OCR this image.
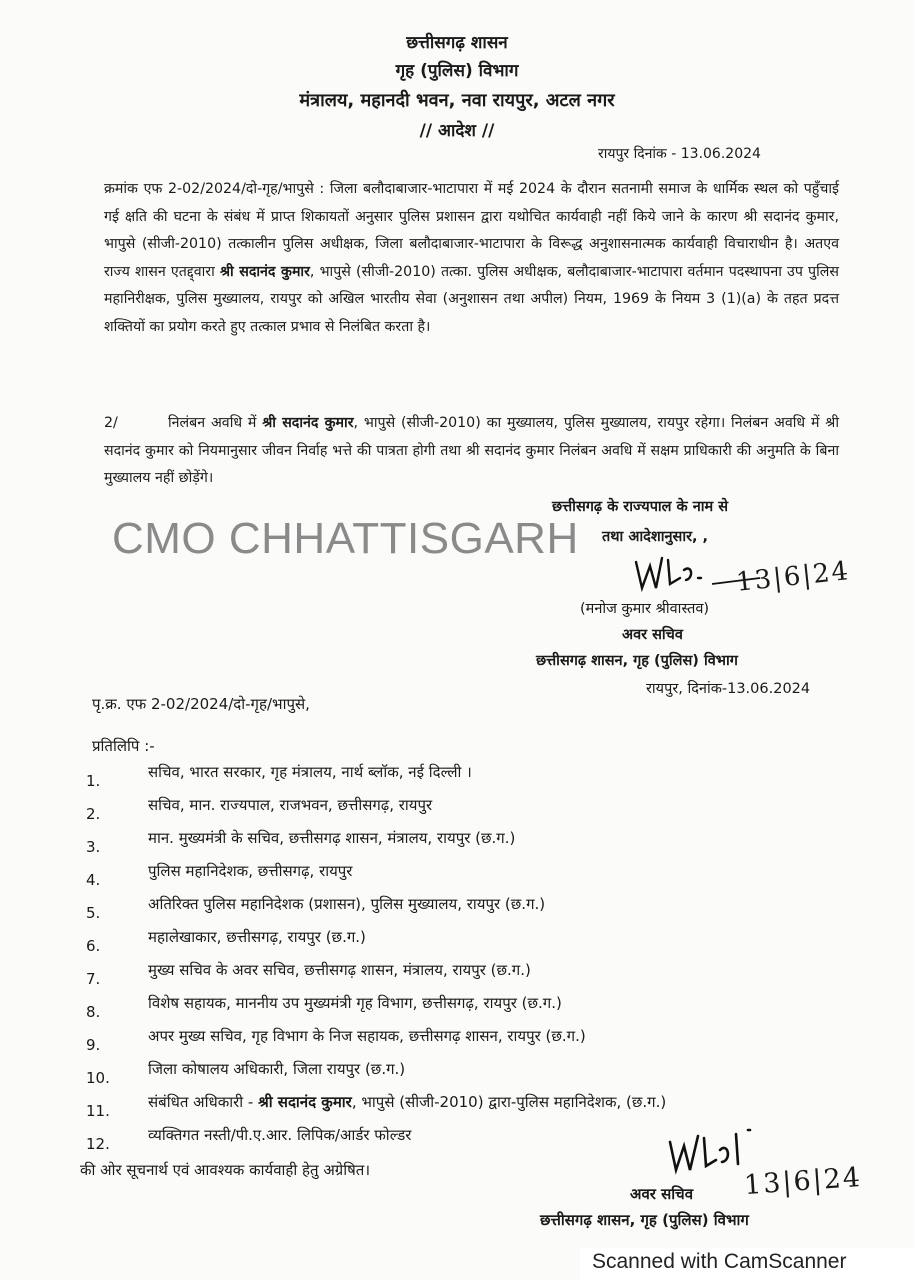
छत्तीसगढ़ शासन
गृह (पुलिस) विभाग
मंत्रालय, महानदी भवन, नवा रायपुर, अटल नगर
// आदेश //
रायपुर दिनांक - 13.06.2024
क्रमांक एफ 2-02/2024/दो-गृह/भापुसे : जिला बलौदाबाजार-भाटापारा में मई 2024 के दौरान सतनामी समाज के धार्मिक स्थल को पहुँचाई गई क्षति की घटना के संबंध में प्राप्त शिकायतों अनुसार पुलिस प्रशासन द्वारा यथोचित कार्यवाही नहीं किये जाने के कारण श्री सदानंद कुमार, भापुसे (सीजी-2010) तत्कालीन पुलिस अधीक्षक, जिला बलौदाबाजार-भाटापारा के विरूद्ध अनुशासनात्मक कार्यवाही विचाराधीन है। अतएव राज्य शासन एतद्द्वारा श्री सदानंद कुमार, भापुसे (सीजी-2010) तत्का. पुलिस अधीक्षक, बलौदाबाजार-भाटापारा वर्तमान पदस्थापना उप पुलिस महानिरीक्षक, पुलिस मुख्यालय, रायपुर को अखिल भारतीय सेवा (अनुशासन तथा अपील) नियम, 1969 के नियम 3 (1)(a) के तहत प्रदत्त शक्तियों का प्रयोग करते हुए तत्काल प्रभाव से निलंबित करता है।
2/	निलंबन अवधि में श्री सदानंद कुमार, भापुसे (सीजी-2010) का मुख्यालय, पुलिस मुख्यालय, रायपुर रहेगा। निलंबन अवधि में श्री सदानंद कुमार को नियमानुसार जीवन निर्वाह भत्ते की पात्रता होगी तथा श्री सदानंद कुमार निलंबन अवधि में सक्षम प्राधिकारी की अनुमति के बिना मुख्यालय नहीं छोड़ेंगे।
CMO CHHATTISGARH
छत्तीसगढ़ के राज्यपाल के नाम से
तथा आदेशानुसार, ,
13|6|24
(मनोज कुमार श्रीवास्तव)
अवर सचिव
छत्तीसगढ़ शासन, गृह (पुलिस) विभाग
रायपुर, दिनांक-13.06.2024
पृ.क्र. एफ 2-02/2024/दो-गृह/भापुसे,
प्रतिलिपि :-
1.	सचिव, भारत सरकार, गृह मंत्रालय, नार्थ ब्लॉक, नई दिल्ली ।
2.	सचिव, मान. राज्यपाल, राजभवन, छत्तीसगढ़, रायपुर
3.	मान. मुख्यमंत्री के सचिव, छत्तीसगढ़ शासन, मंत्रालय, रायपुर (छ.ग.)
4.	पुलिस महानिदेशक, छत्तीसगढ़, रायपुर
5.	अतिरिक्त पुलिस महानिदेशक (प्रशासन), पुलिस मुख्यालय, रायपुर (छ.ग.)
6.	महालेखाकार, छत्तीसगढ़, रायपुर (छ.ग.)
7.	मुख्य सचिव के अवर सचिव, छत्तीसगढ़ शासन, मंत्रालय, रायपुर (छ.ग.)
8.	विशेष सहायक, माननीय उप मुख्यमंत्री गृह विभाग, छत्तीसगढ़, रायपुर (छ.ग.)
9.	अपर मुख्य सचिव, गृह विभाग के निज सहायक, छत्तीसगढ़ शासन, रायपुर (छ.ग.)
10.	जिला कोषालय अधिकारी, जिला रायपुर (छ.ग.)
11.	संबंधित अधिकारी - श्री सदानंद कुमार, भापुसे (सीजी-2010) द्वारा-पुलिस महानिदेशक, (छ.ग.)
12.	व्यक्तिगत नस्ती/पी.ए.आर. लिपिक/आर्डर फोल्डर
की ओर सूचनार्थ एवं आवश्यक कार्यवाही हेतु अग्रेषित।	13|6|24
अवर सचिव
छत्तीसगढ़ शासन, गृह (पुलिस) विभाग
Scanned with CamScanner
